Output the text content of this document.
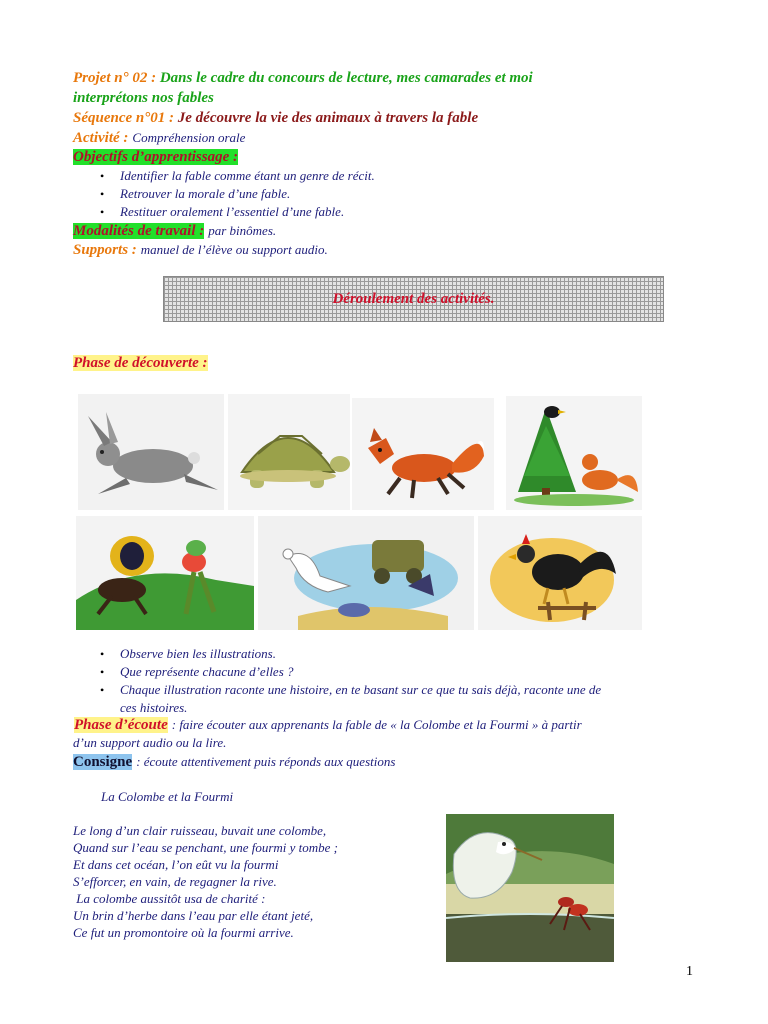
Projet n° 02 : Dans le cadre du concours de lecture, mes camarades et moi
interprétons nos fables
Séquence n°01 : Je découvre la vie des animaux à travers la fable
Activité : Compréhension orale
Objectifs d’apprentissage :
• Identifier la fable comme étant un genre de récit.
• Retrouver la morale d’une fable.
• Restituer oralement l’essentiel d’une fable.
Modalités de travail : par binômes.
Supports : manuel de l’élève ou support audio.
Déroulement des activités.
Phase de découverte :
• Observe bien les illustrations.
• Que représente chacune d’elles ?
• Chaque illustration raconte une histoire, en te basant sur ce que tu sais déjà, raconte une de
ces histoires.
Phase d’écoute : faire écouter aux apprenants la fable de « la Colombe et la Fourmi » à partir
d’un support audio ou la lire.
Consigne : écoute attentivement puis réponds aux questions
La Colombe et la Fourmi
Le long d’un clair ruisseau, buvait une colombe,
Quand sur l’eau se penchant, une fourmi y tombe ;
Et dans cet océan, l’on eût vu la fourmi
S’efforcer, en vain, de regagner la rive.
La colombe aussitôt usa de charité :
Un brin d’herbe dans l’eau par elle étant jeté,
Ce fut un promontoire où la fourmi arrive.
1
